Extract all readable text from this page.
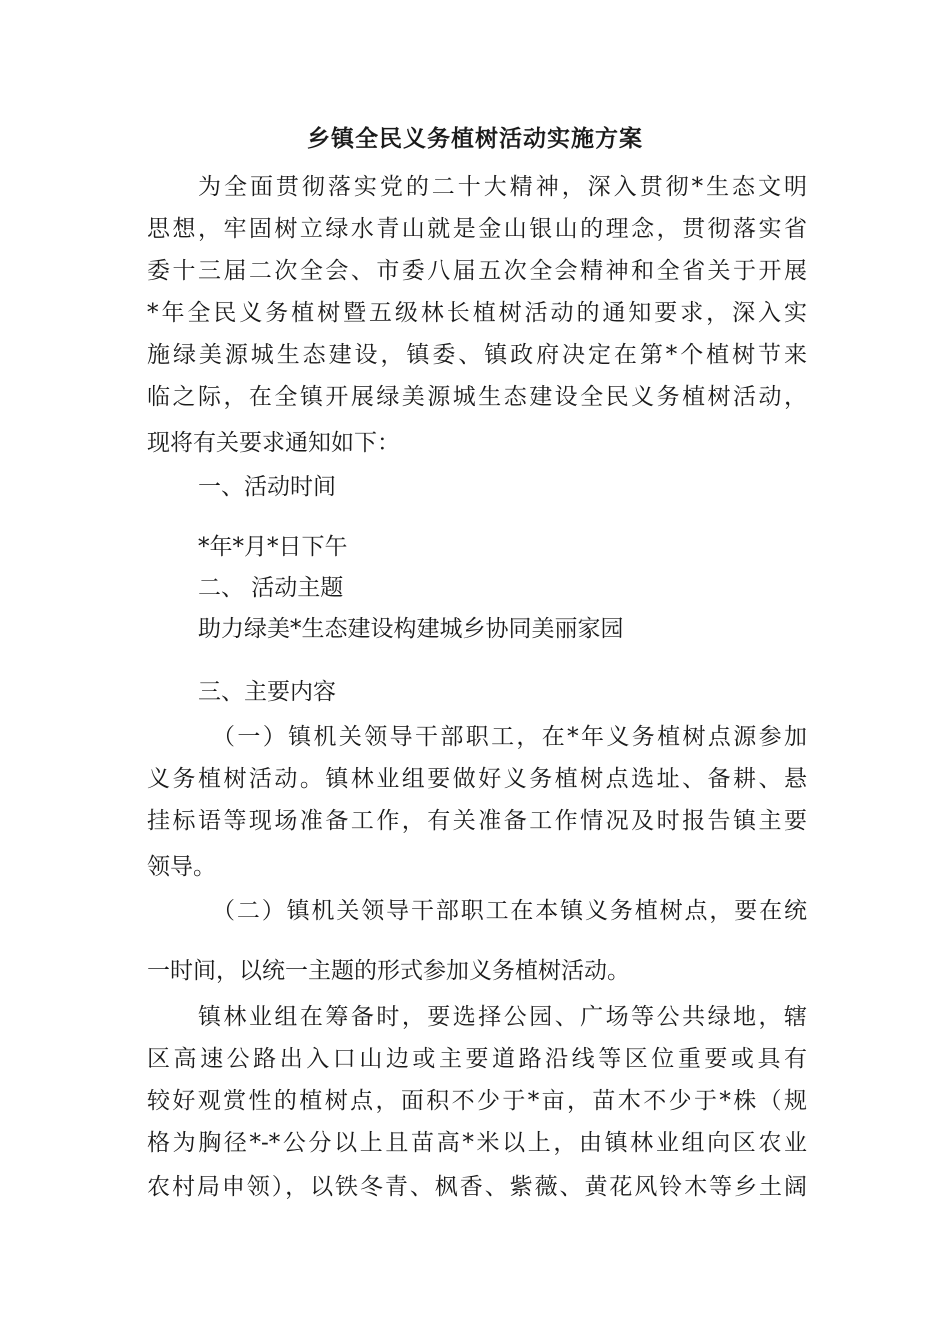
乡镇全民义务植树活动实施方案
为全面贯彻落实党的二十大精神，深入贯彻*生态文明
思想，牢固树立绿水青山就是金山银山的理念，贯彻落实省
委十三届二次全会、市委八届五次全会精神和全省关于开展
*年全民义务植树暨五级林长植树活动的通知要求，深入实
施绿美源城生态建设，镇委、镇政府决定在第*个植树节来
临之际，在全镇开展绿美源城生态建设全民义务植树活动，
现将有关要求通知如下：
一、活动时间
*年*月*日下午
二、 活动主题
助力绿美*生态建设构建城乡协同美丽家园
三、主要内容
（一）镇机关领导干部职工，在*年义务植树点源参加
义务植树活动。镇林业组要做好义务植树点选址、备耕、悬
挂标语等现场准备工作，有关准备工作情况及时报告镇主要
领导。
（二）镇机关领导干部职工在本镇义务植树点，要在统
一时间，以统一主题的形式参加义务植树活动。
镇林业组在筹备时，要选择公园、广场等公共绿地，辖
区高速公路出入口山边或主要道路沿线等区位重要或具有
较好观赏性的植树点，面积不少于*亩，苗木不少于*株（规
格为胸径*-*公分以上且苗高*米以上，由镇林业组向区农业
农村局申领），以铁冬青、枫香、紫薇、黄花风铃木等乡土阔
